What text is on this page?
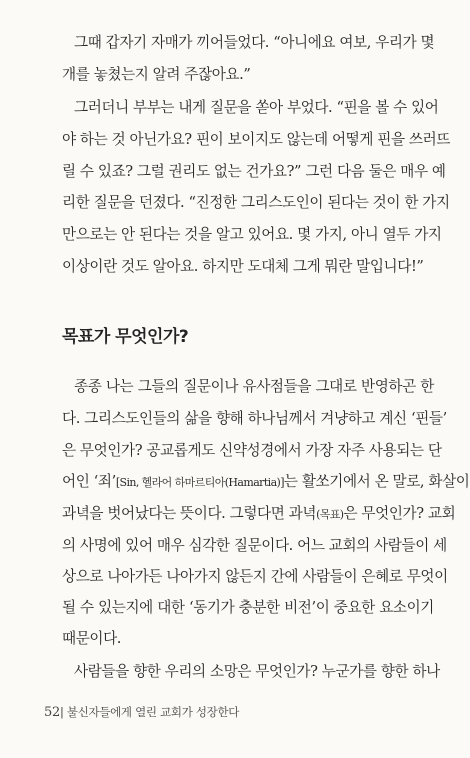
그때 갑자기 자매가 끼어들었다. “아니에요 여보, 우리가 몇
개를 놓쳤는지 알려 주잖아요.”
그러더니 부부는 내게 질문을 쏟아 부었다. “핀을 볼 수 있어
야 하는 것 아닌가요? 핀이 보이지도 않는데 어떻게 핀을 쓰러뜨
릴 수 있죠? 그럴 권리도 없는 건가요?” 그런 다음 둘은 매우 예
리한 질문을 던졌다. “진정한 그리스도인이 된다는 것이 한 가지
만으로는 안 된다는 것을 알고 있어요. 몇 가지, 아니 열두 가지
이상이란 것도 알아요. 하지만 도대체 그게 뭐란 말입니다!”
목표가 무엇인가?
종종 나는 그들의 질문이나 유사점들을 그대로 반영하곤 한
다. 그리스도인들의 삶을 향해 하나님께서 겨냥하고 계신 ‘핀들’
은 무엇인가? 공교롭게도 신약성경에서 가장 자주 사용되는 단
어인 ‘죄’[Sin, 헬라어 하마르티아(Hamartia)]는 활쏘기에서 온 말로, 화살이
과녁을 벗어났다는 뜻이다. 그렇다면 과녁(목표)은 무엇인가? 교회
의 사명에 있어 매우 심각한 질문이다. 어느 교회의 사람들이 세
상으로 나아가든 나아가지 않든지 간에 사람들이 은혜로 무엇이
될 수 있는지에 대한 ‘동기가 충분한 비전’이 중요한 요소이기
때문이다.
사람들을 향한 우리의 소망은 무엇인가? 누군가를 향한 하나
52| 불신자들에게 열린 교회가 성장한다
